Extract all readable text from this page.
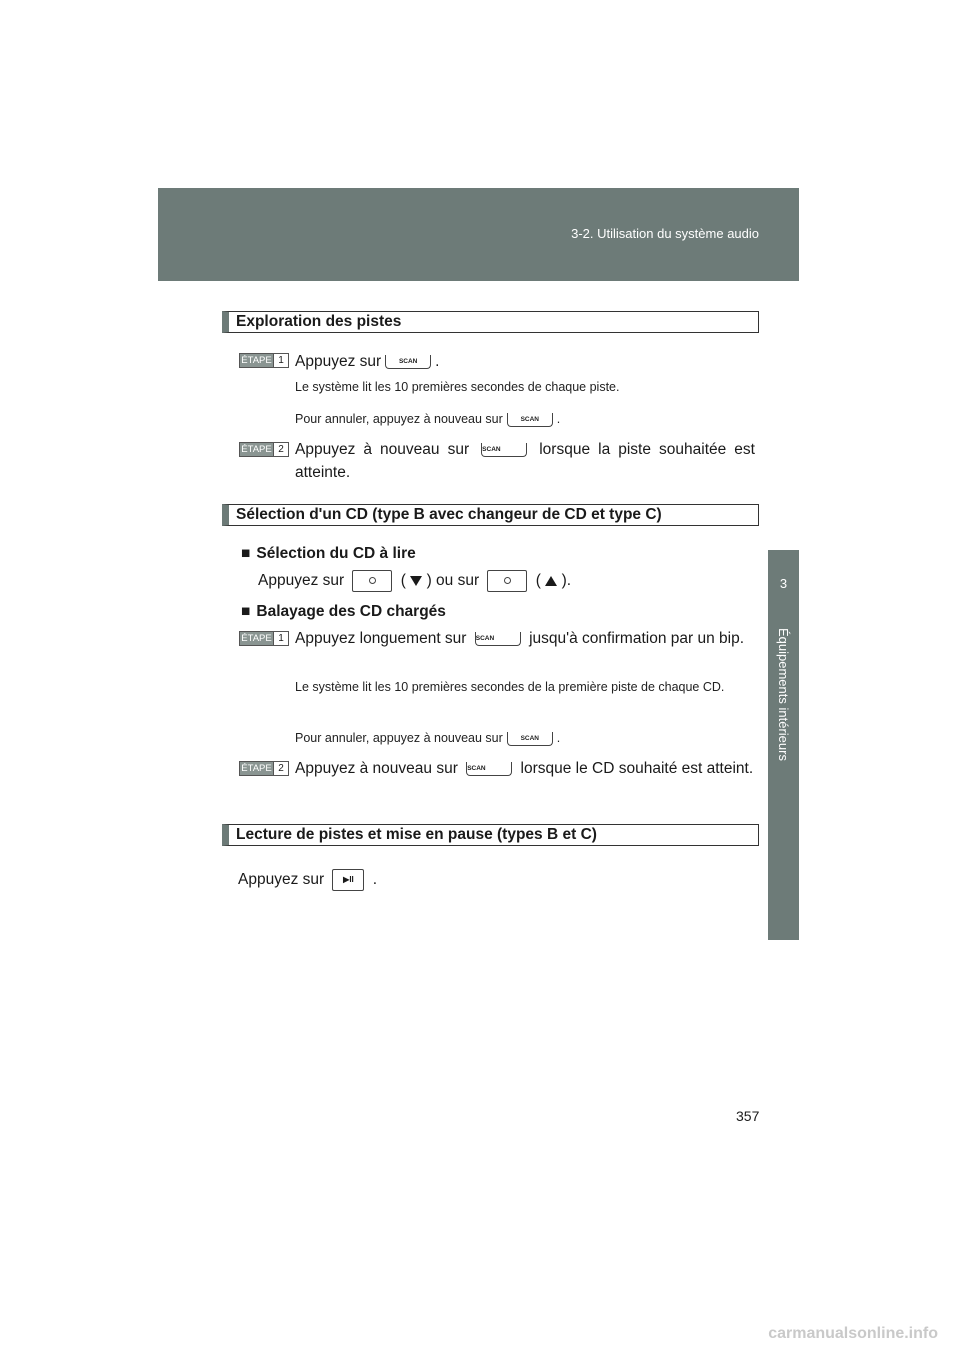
3-2. Utilisation du système audio
3
Équipements intérieurs
Exploration des pistes
ÉTAPE 1 Appuyez sur	SCAN .
Le système lit les 10 premières secondes de chaque piste.
Pour annuler, appuyez à nouveau sur	SCAN .
ÉTAPE 2 Appuyez à nouveau sur SCAN lorsque la piste souhaitée est atteinte.
Sélection d'un CD (type B avec changeur de CD et type C)
■ Sélection du CD à lire
Appuyez sur	( ) ou sur	( ).
■ Balayage des CD chargés
ÉTAPE 1 Appuyez longuement sur SCAN jusqu'à confirmation par un bip.
Le système lit les 10 premières secondes de la première piste de chaque CD.
Pour annuler, appuyez à nouveau sur	SCAN .
ÉTAPE 2 Appuyez à nouveau sur SCAN lorsque le CD souhaité est atteint.
Lecture de pistes et mise en pause (types B et C)
Appuyez sur ▶II .
357
carmanualsonline.info
